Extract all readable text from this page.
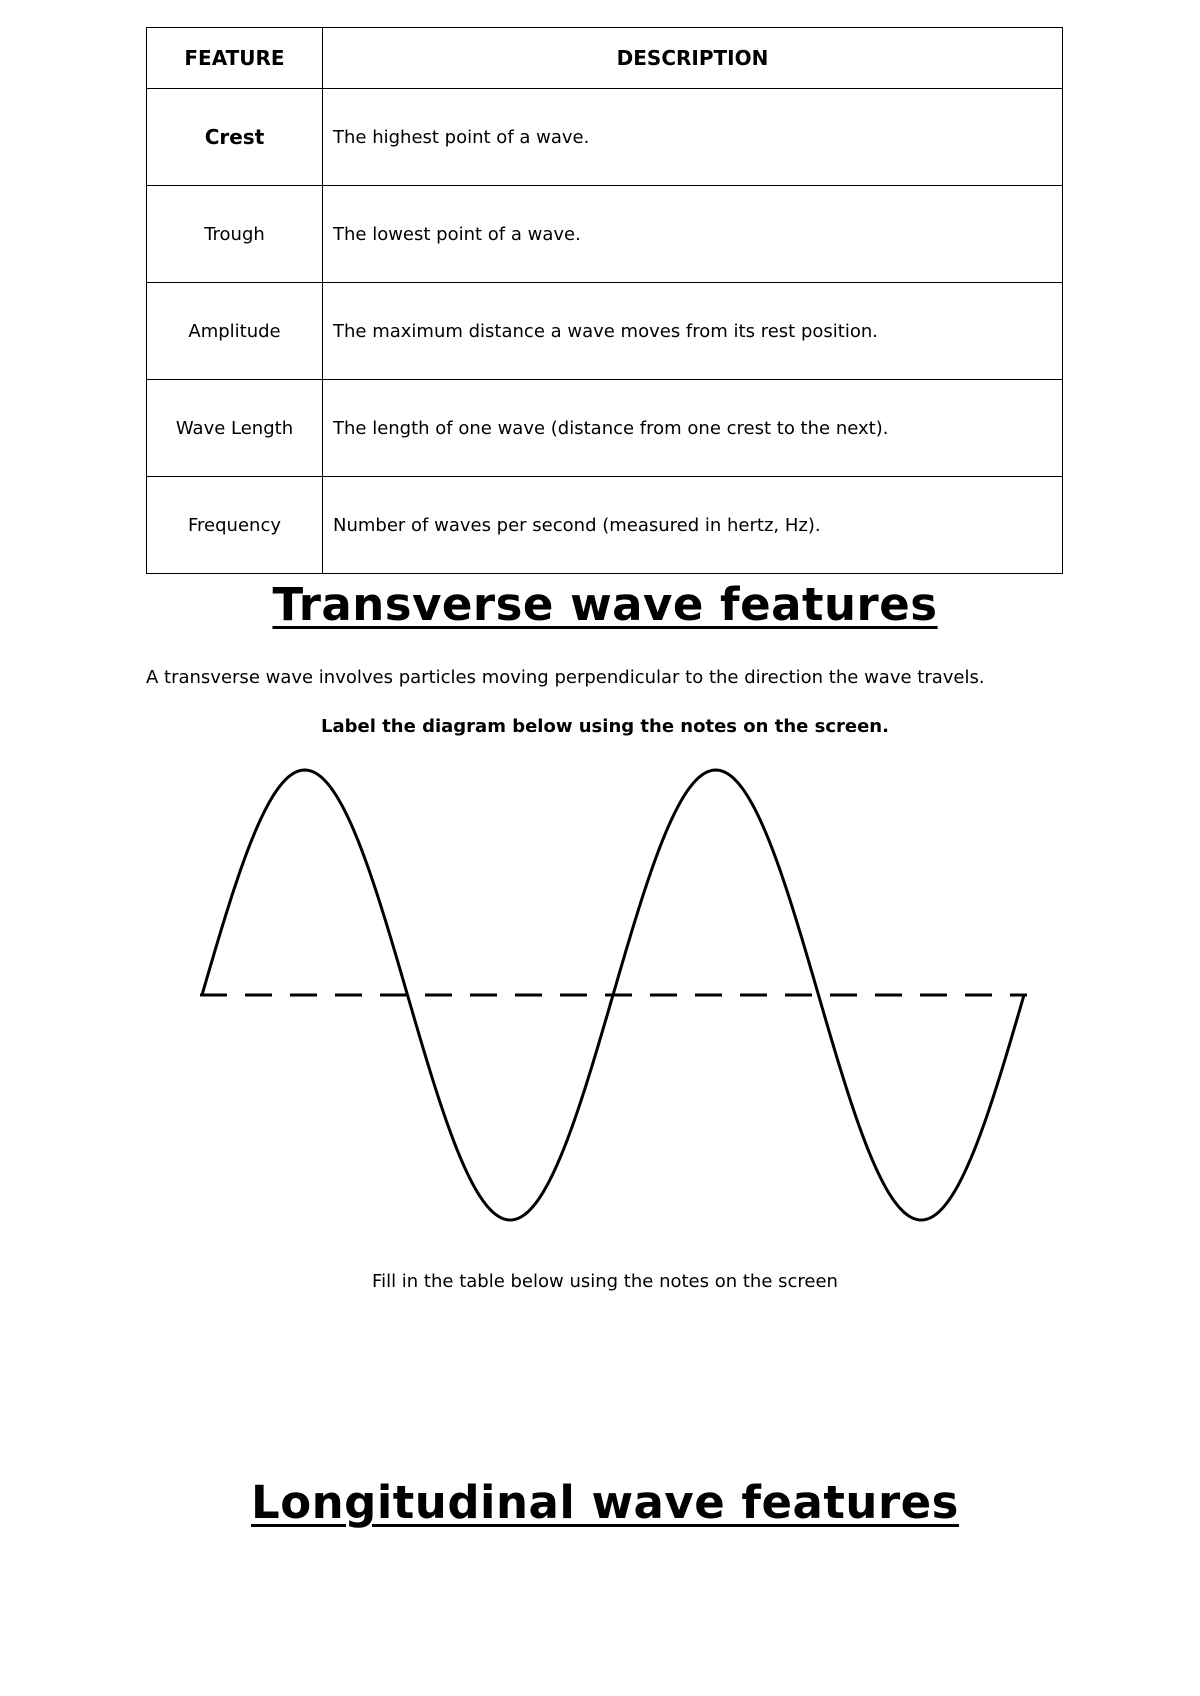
FEATURE	DESCRIPTION
Crest	The highest point of a wave.
Trough	The lowest point of a wave.
Amplitude	The maximum distance a wave moves from its rest position.
Wave Length	The length of one wave (distance from one crest to the next).
Frequency	Number of waves per second (measured in hertz, Hz).
Transverse wave features

A transverse wave involves particles moving perpendicular to the direction the wave travels.

Label the diagram below using the notes on the screen.

Fill in the table below using the notes on the screen

Longitudinal wave features
